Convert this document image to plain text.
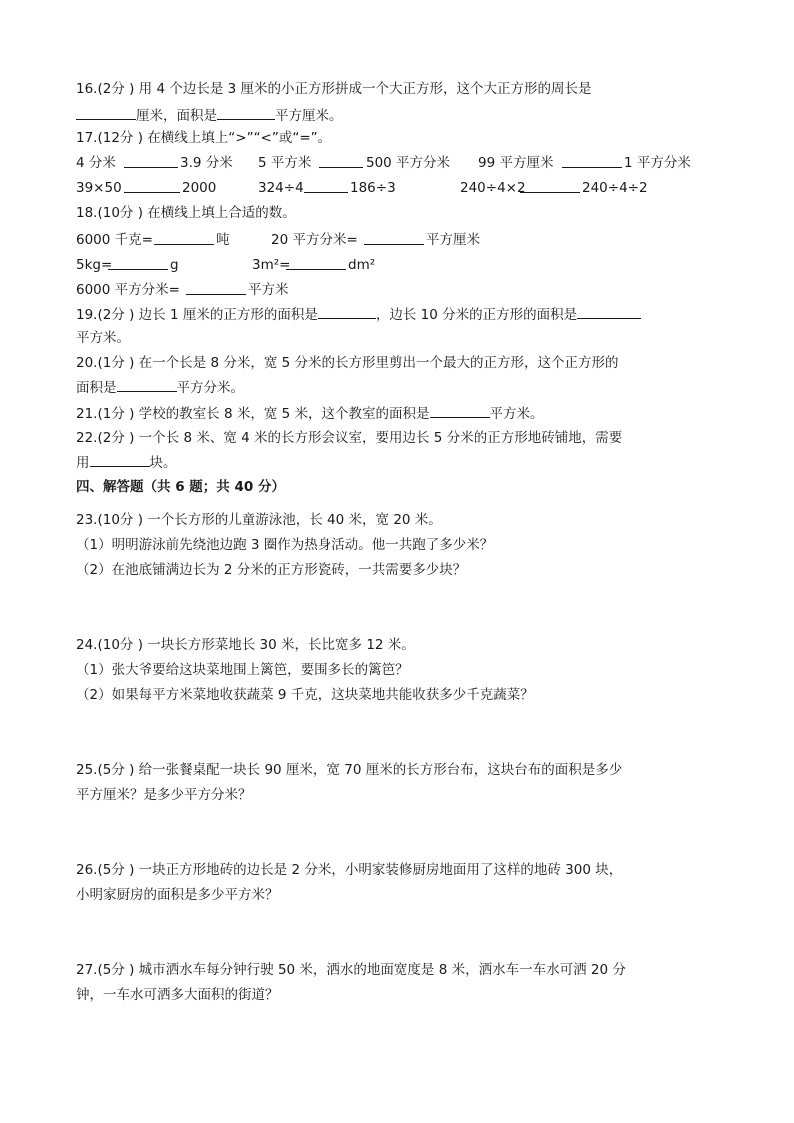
16.(2分 ) 用 4 个边长是 3 厘米的小正方形拼成一个大正方形，这个大正方形的周长是
厘米，面积是	平方厘米。
17.(12分 ) 在横线上填上“>”“<”或“=”。
4 分米	3.9 分米 5 平方米	500 平方分米 99 平方厘米	1 平方分米
39×50	2000	324÷4	186÷3	240÷4×2	240÷4÷2
18.(10分 ) 在横线上填上合适的数。
6000 千克=	吨	20 平方分米=	平方厘米
5kg=	g	3m²=	dm²
6000 平方分米=	平方米
19.(2分 ) 边长 1 厘米的正方形的面积是	，边长 10 分米的正方形的面积是
平方米。
20.(1分 ) 在一个长是 8 分米，宽 5 分米的长方形里剪出一个最大的正方形，这个正方形的
面积是	平方分米。
21.(1分 ) 学校的教室长 8 米，宽 5 米，这个教室的面积是	平方米。
22.(2分 ) 一个长 8 米、宽 4 米的长方形会议室，要用边长 5 分米的正方形地砖铺地，需要
用	块。
四、解答题（共 6 题；共 40 分）
23.(10分 ) 一个长方形的儿童游泳池，长 40 米，宽 20 米。
（1）明明游泳前先绕池边跑 3 圈作为热身活动。他一共跑了多少米？
（2）在池底铺满边长为 2 分米的正方形瓷砖，一共需要多少块？
24.(10分 ) 一块长方形菜地长 30 米，长比宽多 12 米。
（1）张大爷要给这块菜地围上篱笆，要围多长的篱笆？
（2）如果每平方米菜地收获蔬菜 9 千克，这块菜地共能收获多少千克蔬菜？
25.(5分 ) 给一张餐桌配一块长 90 厘米，宽 70 厘米的长方形台布，这块台布的面积是多少
平方厘米？是多少平方分米？
26.(5分 ) 一块正方形地砖的边长是 2 分米，小明家装修厨房地面用了这样的地砖 300 块，
小明家厨房的面积是多少平方米？
27.(5分 ) 城市洒水车每分钟行驶 50 米，洒水的地面宽度是 8 米，洒水车一车水可洒 20 分
钟，一车水可洒多大面积的街道？
